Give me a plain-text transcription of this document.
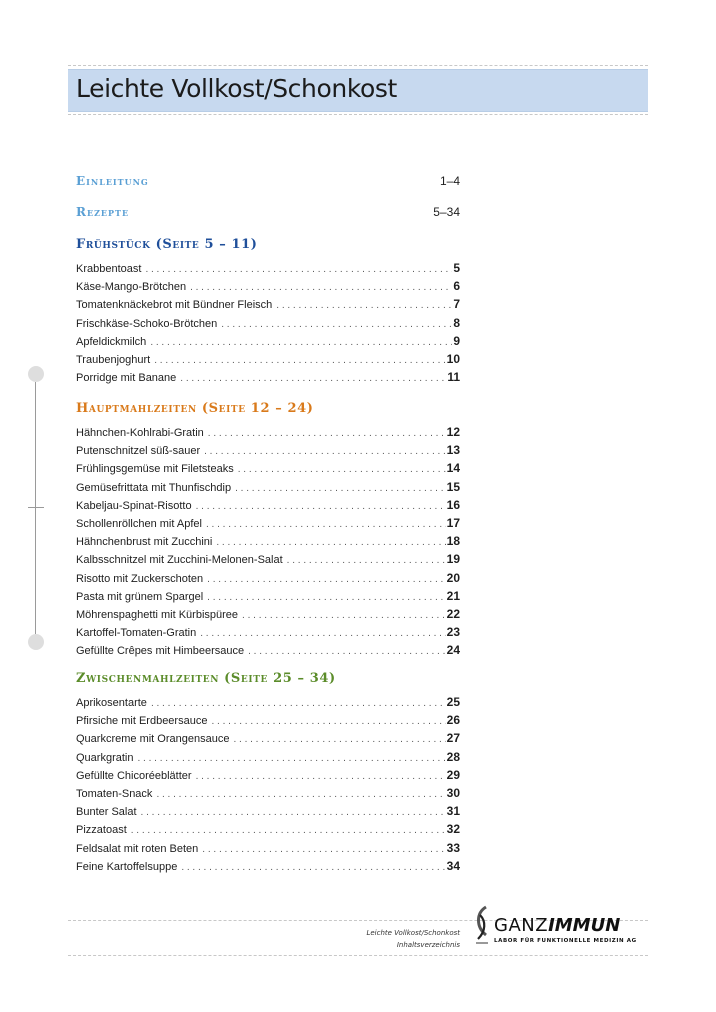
Leichte Vollkost/Schonkost
Einleitung	1–4
Rezepte	5–34
Frühstück (Seite 5 – 11)
Krabbentoast . . .	5
Käse-Mango-Brötchen . . .	6
Tomatenknäckebrot mit Bündner Fleisch . . .	7
Frischkäse-Schoko-Brötchen . . .	8
Apfeldickmilch . . .	9
Traubenjoghurt . . .	10
Porridge mit Banane . . .	11
Hauptmahlzeiten (Seite 12 – 24)
Hähnchen-Kohlrabi-Gratin . . .	12
Putenschnitzel süß-sauer . . .	13
Frühlingsgemüse mit Filetsteaks . . .	14
Gemüsefrittata mit Thunfischdip . . .	15
Kabeljau-Spinat-Risotto . . .	16
Schollenröllchen mit Apfel . . .	17
Hähnchenbrust mit Zucchini . . .	18
Kalbsschnitzel mit Zucchini-Melonen-Salat . . .	19
Risotto mit Zuckerschoten . . .	20
Pasta mit grünem Spargel . . .	21
Möhrenspaghetti mit Kürbispüree . . .	22
Kartoffel-Tomaten-Gratin . . .	23
Gefüllte Crêpes mit Himbeersauce . . .	24
Zwischenmahlzeiten (Seite 25 – 34)
Aprikosentarte . . .	25
Pfirsiche mit Erdbeersauce . . .	26
Quarkcreme mit Orangensauce . . .	27
Quarkgratin . . .	28
Gefüllte Chicoréeblätter . . .	29
Tomaten-Snack . . .	30
Bunter Salat . . .	31
Pizzatoast . . .	32
Feldsalat mit roten Beten . . .	33
Feine Kartoffelsuppe . . .	34
Leichte Vollkost/Schonkost
Inhaltsverzeichnis
GANZIMMUN
LABOR FÜR FUNKTIONELLE MEDIZIN AG
